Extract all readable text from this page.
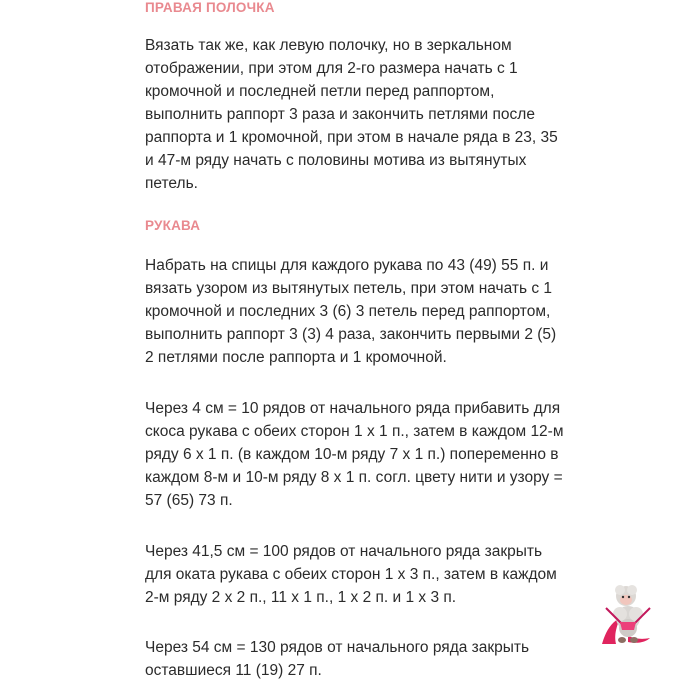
ПРАВАЯ ПОЛОЧКА

Вязать так же, как левую полочку, но в зеркальном отображении, при этом для 2-го размера начать с 1 кромочной и последней петли перед раппортом, выполнить раппорт 3 раза и закончить петлями после раппорта и 1 кромочной, при этом в начале ряда в 23, 35 и 47-м ряду начать с половины мотива из вытянутых петель.

РУКАВА

Набрать на спицы для каждого рукава по 43 (49) 55 п. и вязать узором из вытянутых петель, при этом начать с 1 кромочной и последних 3 (6) 3 петель перед раппортом, выполнить раппорт 3 (3) 4 раза, закончить первыми 2 (5) 2 петлями после раппорта и 1 кромочной.

Через 4 см = 10 рядов от начального ряда прибавить для скоса рукава с обеих сторон 1 х 1 п., затем в каждом 12-м ряду 6 х 1 п. (в каждом 10-м ряду 7 х 1 п.) попеременно в каждом 8-м и 10-м ряду 8 х 1 п. согл. цвету нити и узору = 57 (65) 73 п.

Через 41,5 см = 100 рядов от начального ряда закрыть для оката рукава с обеих сторон 1 х 3 п., затем в каждом 2-м ряду 2 х 2 п., 11 х 1 п., 1 х 2 п. и 1 х 3 п.

Через 54 см = 130 рядов от начального ряда закрыть оставшиеся 11 (19) 27 п.
